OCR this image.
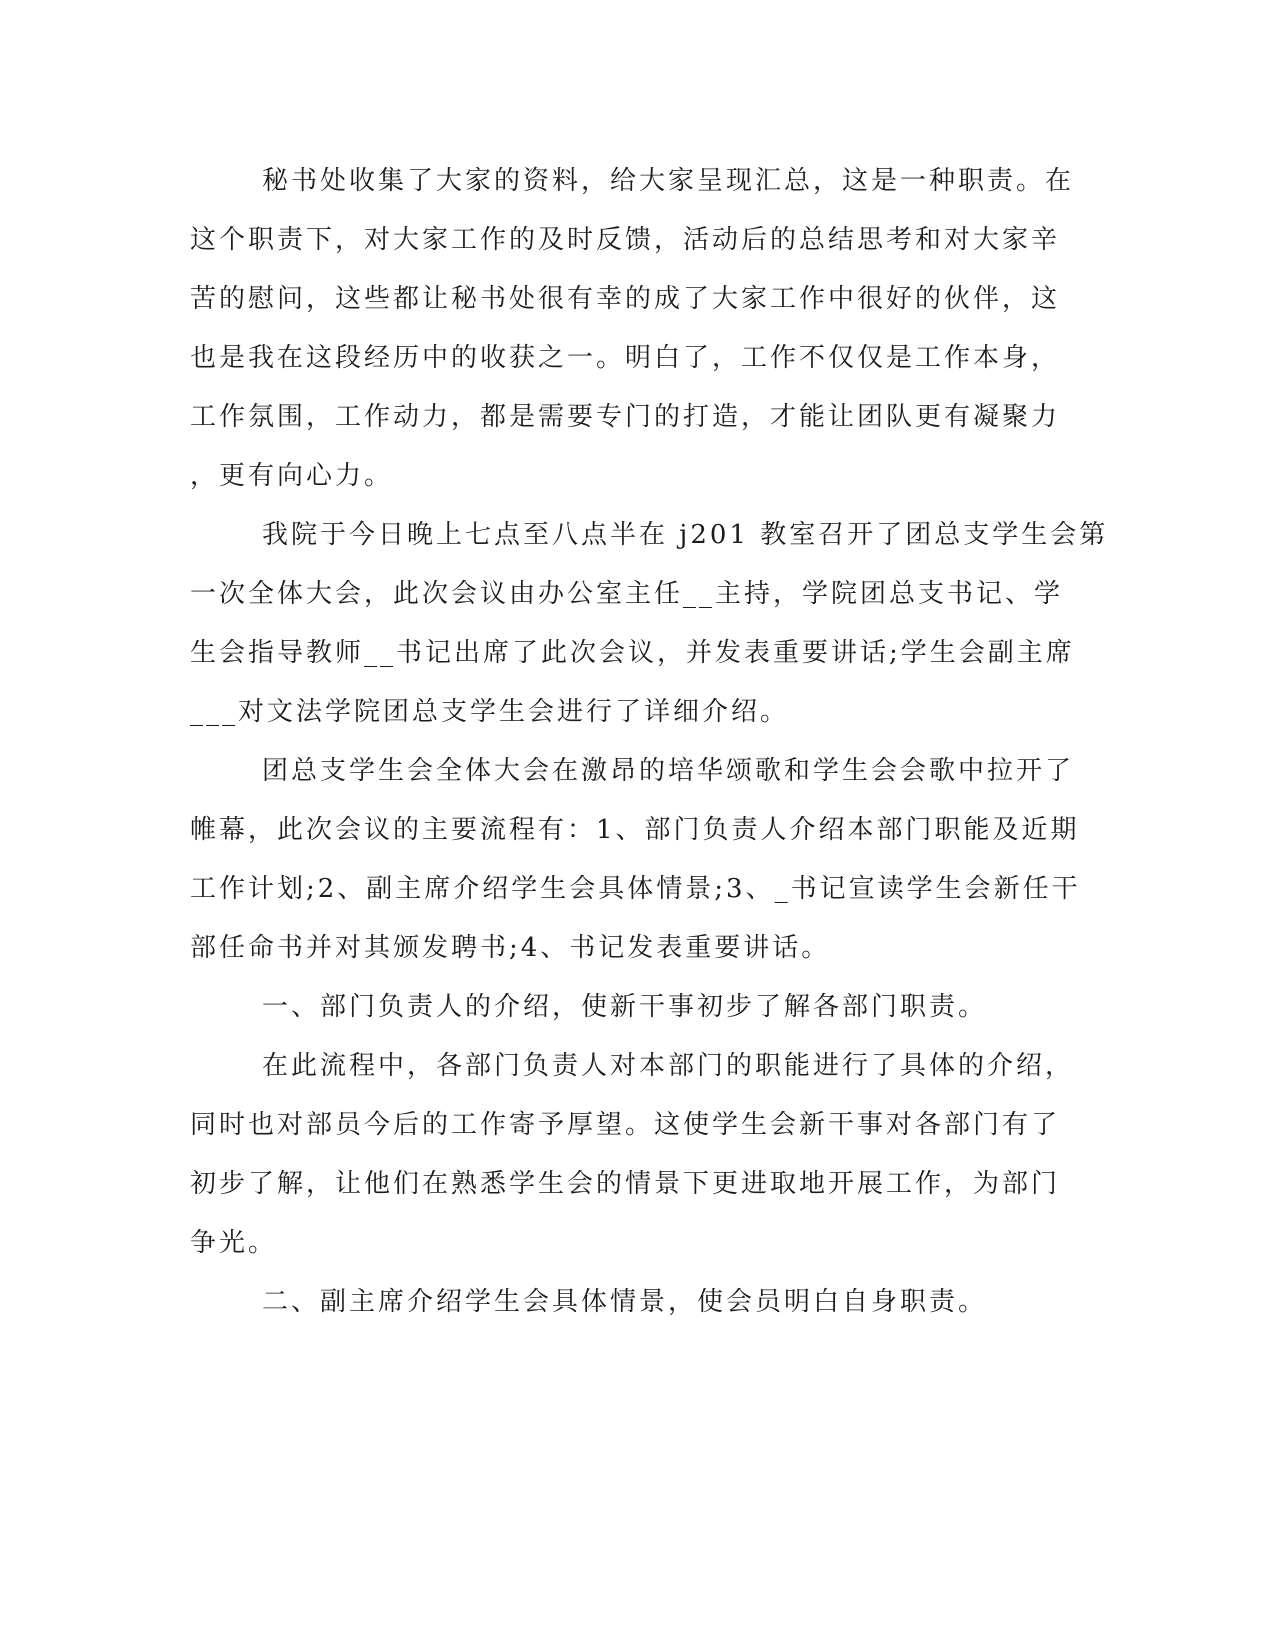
秘书处收集了大家的资料，给大家呈现汇总，这是一种职责。在

这个职责下，对大家工作的及时反馈，活动后的总结思考和对大家辛

苦的慰问，这些都让秘书处很有幸的成了大家工作中很好的伙伴，这

也是我在这段经历中的收获之一。明白了，工作不仅仅是工作本身，

工作氛围，工作动力，都是需要专门的打造，才能让团队更有凝聚力

，更有向心力。

我院于今日晚上七点至八点半在 j201 教室召开了团总支学生会第

一次全体大会，此次会议由办公室主任__主持，学院团总支书记、学

生会指导教师__书记出席了此次会议，并发表重要讲话;学生会副主席

___对文法学院团总支学生会进行了详细介绍。

团总支学生会全体大会在激昂的培华颂歌和学生会会歌中拉开了

帷幕，此次会议的主要流程有：1、部门负责人介绍本部门职能及近期

工作计划;2、副主席介绍学生会具体情景;3、_书记宣读学生会新任干

部任命书并对其颁发聘书;4、书记发表重要讲话。

一、部门负责人的介绍，使新干事初步了解各部门职责。

在此流程中，各部门负责人对本部门的职能进行了具体的介绍，

同时也对部员今后的工作寄予厚望。这使学生会新干事对各部门有了

初步了解，让他们在熟悉学生会的情景下更进取地开展工作，为部门

争光。

二、副主席介绍学生会具体情景，使会员明白自身职责。
